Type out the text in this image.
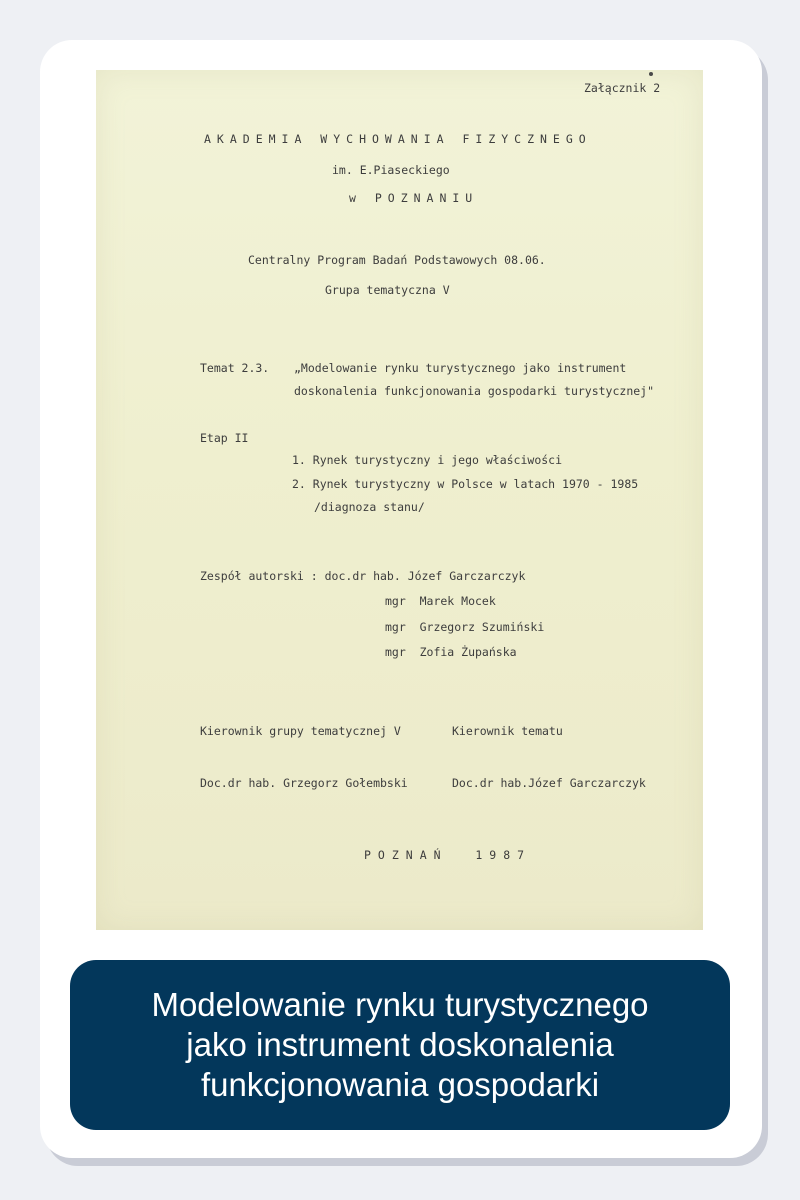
Załącznik 2
AKADEMIA WYCHOWANIA FIZYCZNEGO
im. E.Piaseckiego
w POZNANIU
Centralny Program Badań Podstawowych 08.06.
Grupa tematyczna V
Temat 2.3. „Modelowanie rynku turystycznego jako instrument
doskonalenia funkcjonowania gospodarki turystycznej"
Etap II
1. Rynek turystyczny i jego właściwości
2. Rynek turystyczny w Polsce w latach 1970 - 1985
/diagnoza stanu/
Zespół autorski : doc.dr hab. Józef Garczarczyk
mgr  Marek Mocek
mgr  Grzegorz Szumiński
mgr  Zofia Żupańska
Kierownik grupy tematycznej V	Kierownik tematu
Doc.dr hab. Grzegorz Gołembski	Doc.dr hab.Józef Garczarczyk
POZNAŃ  1987
Modelowanie rynku turystycznego
jako instrument doskonalenia
funkcjonowania gospodarki
